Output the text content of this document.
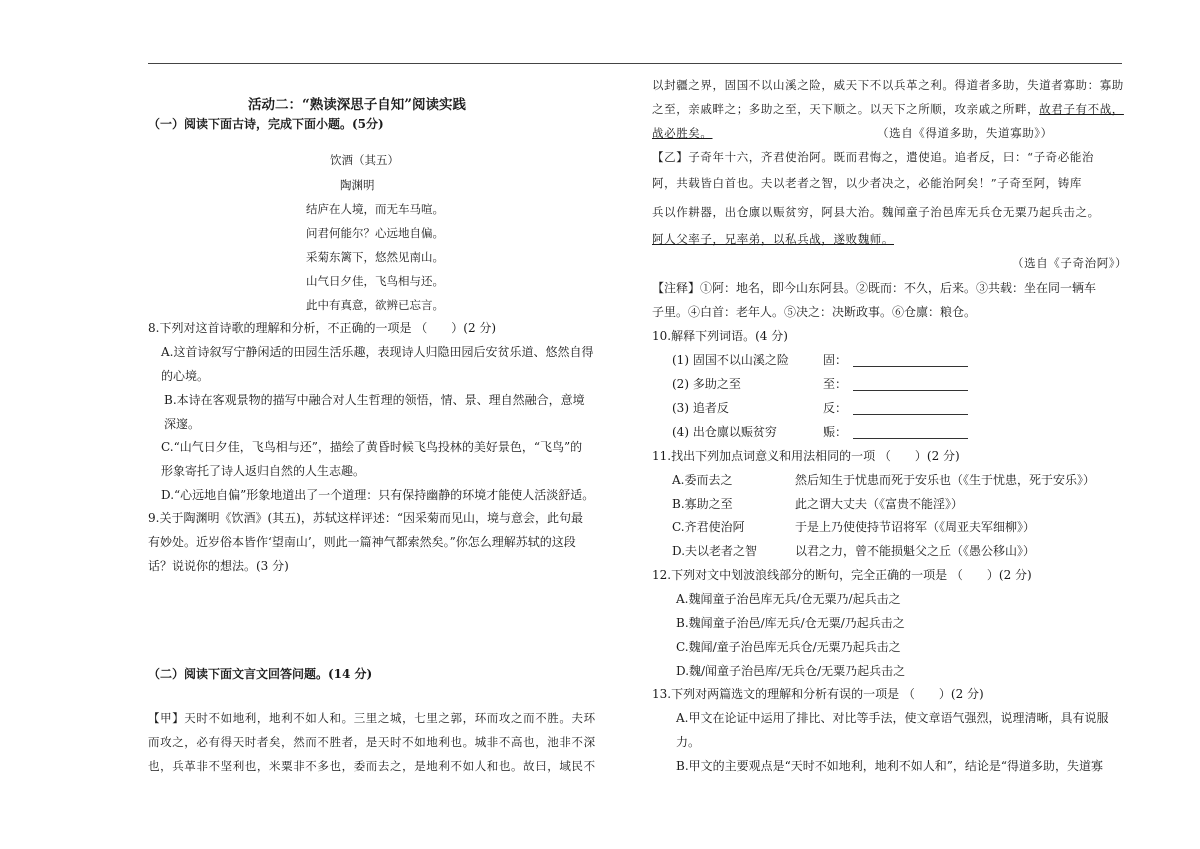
活动二：“熟读深思子自知”阅读实践
（一）阅读下面古诗，完成下面小题。(5分)
饮酒（其五）
陶渊明
结庐在人境，而无车马喧。
问君何能尔？心远地自偏。
采菊东篱下，悠然见南山。
山气日夕佳，飞鸟相与还。
此中有真意，欲辨已忘言。
8.下列对这首诗歌的理解和分析，不正确的一项是 （　　）(2 分)
A.这首诗叙写宁静闲适的田园生活乐趣，表现诗人归隐田园后安贫乐道、悠然自得
的心境。
B.本诗在客观景物的描写中融合对人生哲理的领悟，情、景、理自然融合，意境
深邃。
C.“山气日夕佳，飞鸟相与还”，描绘了黄昏时候飞鸟投林的美好景色，“飞鸟”的
形象寄托了诗人返归自然的人生志趣。
D.“心远地自偏”形象地道出了一个道理：只有保持幽静的环境才能使人活淡舒适。
9.关于陶渊明《饮酒》(其五)，苏轼这样评述：“因采菊而见山，境与意会，此句最
有妙处。近岁俗本皆作‘望南山’，则此一篇神气都索然矣。”你怎么理解苏轼的这段
话？说说你的想法。(3 分)
（二）阅读下面文言文回答问题。(14 分)
【甲】天时不如地利，地利不如人和。三里之城，七里之郭，环而攻之而不胜。夫环
而攻之，必有得天时者矣，然而不胜者，是天时不如地利也。城非不高也，池非不深
也，兵革非不坚利也，米粟非不多也，委而去之，是地利不如人和也。故曰，域民不
以封疆之界，固国不以山溪之险，威天下不以兵革之利。得道者多助，失道者寡助：寡助
之至，亲戚畔之；多助之至，天下顺之。以天下之所顺，攻亲戚之所畔，故君子有不战，
战必胜矣。	（选自《得道多助，失道寡助》）
【乙】子奇年十六，齐君使治阿。既而君悔之，遣使追。追者反，曰：“子奇必能治
阿，共载皆白首也。夫以老者之智，以少者决之，必能治阿矣！”子奇至阿，铸库
兵以作耕器，出仓廪以赈贫穷，阿县大治。魏闻童子治邑库无兵仓无粟乃起兵击之。
阿人父率子，兄率弟，以私兵战，遂败魏师。
（选自《子奇治阿》）
【注释】①阿：地名，即今山东阿县。②既而：不久，后来。③共载：坐在同一辆车
子里。④白首：老年人。⑤决之：决断政事。⑥仓廪：粮仓。
10.解释下列词语。(4 分)
(1) 固国不以山溪之险	固：
(2) 多助之至	至：
(3) 追者反	反：
(4) 出仓廪以赈贫穷	赈：
11.找出下列加点词意义和用法相同的一项 （　　）(2 分)
A.委而去之	然后知生于忧患而死于安乐也（《生于忧患，死于安乐》）
B.寡助之至	此之谓大丈夫（《富贵不能淫》）
C.齐君使治阿	于是上乃使使持节诏将军（《周亚夫军细柳》）
D.夫以老者之智	以君之力，曾不能损魁父之丘（《愚公移山》）
12.下列对文中划波浪线部分的断句，完全正确的一项是 （　　）(2 分)
A.魏闻童子治邑库无兵/仓无粟乃/起兵击之
B.魏闻童子治邑/库无兵/仓无粟/乃起兵击之
C.魏闻/童子治邑库无兵仓/无粟乃起兵击之
D.魏/闻童子治邑库/无兵仓/无粟乃起兵击之
13.下列对两篇选文的理解和分析有误的一项是 （　　）(2 分)
A.甲文在论证中运用了排比、对比等手法，使文章语气强烈，说理清晰，具有说服
力。
B.甲文的主要观点是“天时不如地利，地利不如人和”，结论是“得道多助，失道寡
